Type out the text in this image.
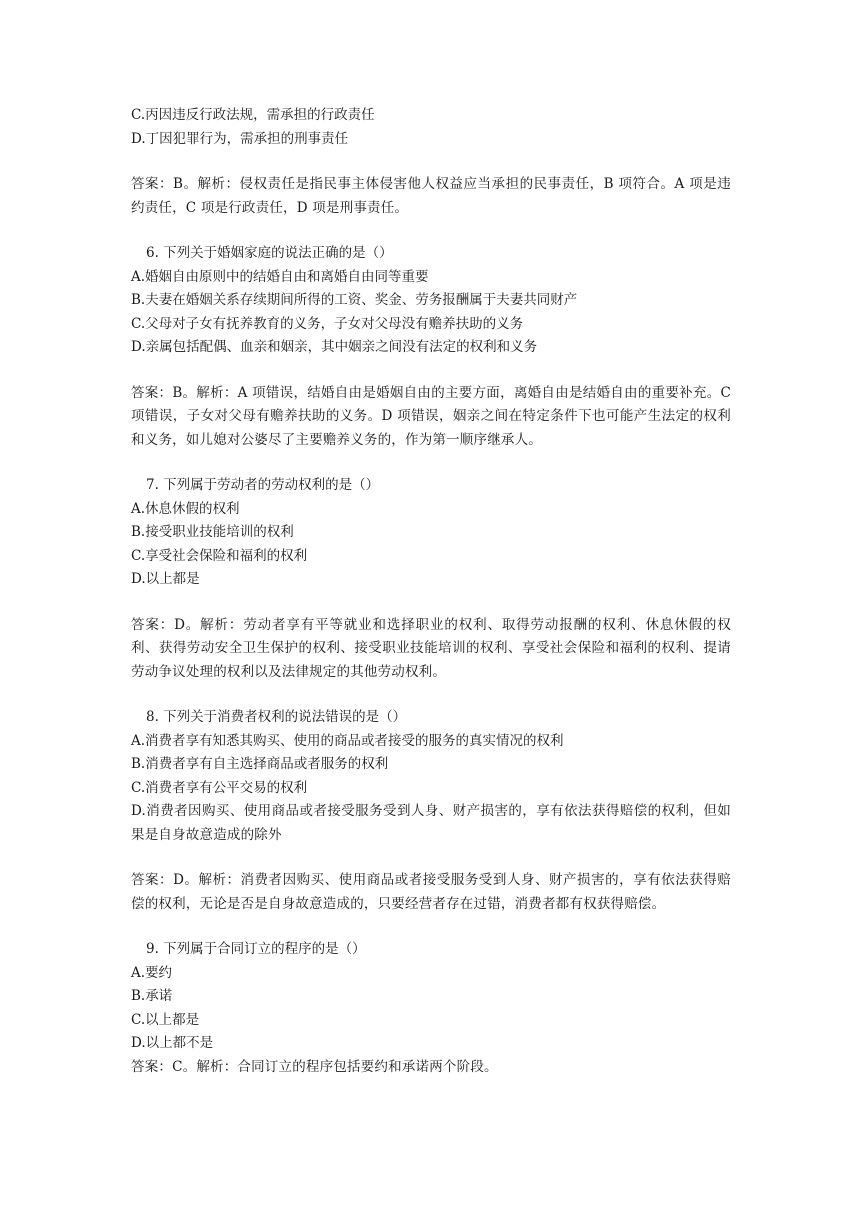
C.丙因违反行政法规，需承担的行政责任
D.丁因犯罪行为，需承担的刑事责任
答案：B。解析：侵权责任是指民事主体侵害他人权益应当承担的民事责任，B 项符合。A 项是违约责任，C 项是行政责任，D 项是刑事责任。
6. 下列关于婚姻家庭的说法正确的是（）
A.婚姻自由原则中的结婚自由和离婚自由同等重要
B.夫妻在婚姻关系存续期间所得的工资、奖金、劳务报酬属于夫妻共同财产
C.父母对子女有抚养教育的义务，子女对父母没有赡养扶助的义务
D.亲属包括配偶、血亲和姻亲，其中姻亲之间没有法定的权利和义务
答案：B。解析：A 项错误，结婚自由是婚姻自由的主要方面，离婚自由是结婚自由的重要补充。C 项错误，子女对父母有赡养扶助的义务。D 项错误，姻亲之间在特定条件下也可能产生法定的权利和义务，如儿媳对公婆尽了主要赡养义务的，作为第一顺序继承人。
7. 下列属于劳动者的劳动权利的是（）
A.休息休假的权利
B.接受职业技能培训的权利
C.享受社会保险和福利的权利
D.以上都是
答案：D。解析：劳动者享有平等就业和选择职业的权利、取得劳动报酬的权利、休息休假的权利、获得劳动安全卫生保护的权利、接受职业技能培训的权利、享受社会保险和福利的权利、提请劳动争议处理的权利以及法律规定的其他劳动权利。
8. 下列关于消费者权利的说法错误的是（）
A.消费者享有知悉其购买、使用的商品或者接受的服务的真实情况的权利
B.消费者享有自主选择商品或者服务的权利
C.消费者享有公平交易的权利
D.消费者因购买、使用商品或者接受服务受到人身、财产损害的，享有依法获得赔偿的权利，但如果是自身故意造成的除外
答案：D。解析：消费者因购买、使用商品或者接受服务受到人身、财产损害的，享有依法获得赔偿的权利，无论是否是自身故意造成的，只要经营者存在过错，消费者都有权获得赔偿。
9. 下列属于合同订立的程序的是（）
A.要约
B.承诺
C.以上都是
D.以上都不是
答案：C。解析：合同订立的程序包括要约和承诺两个阶段。
